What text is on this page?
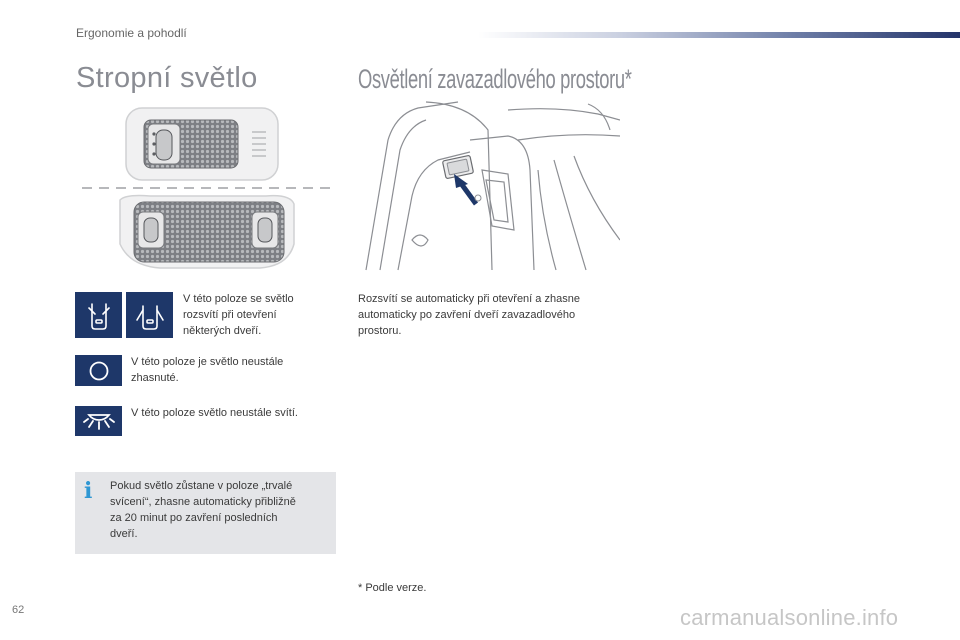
Ergonomie a pohodlí
Stropní světlo	Osvětlení zavazadlového prostoru*
V této poloze se světlo
rozsvítí při otevření
některých dveří.
V této poloze je světlo neustále
zhasnuté.
V této poloze světlo neustále svítí.
i Pokud světlo zůstane v poloze „trvalé
svícení“, zhasne automaticky přibližně
za 20 minut po zavření posledních
dveří.
Rozsvítí se automaticky při otevření a zhasne
automaticky po zavření dveří zavazadlového
prostoru.
* Podle verze.
62	carmanualsonline.info
